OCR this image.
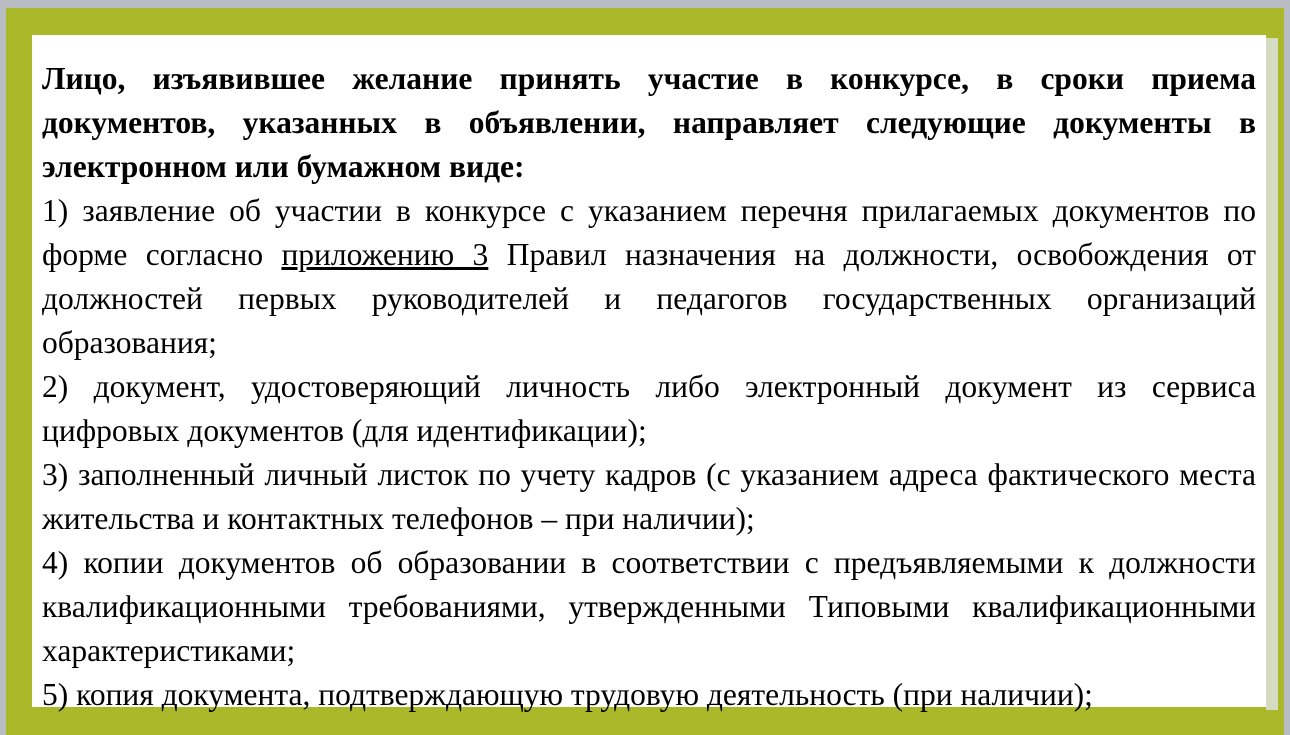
Лицо, изъявившее желание принять участие в конкурсе, в сроки приема документов, указанных в объявлении, направляет следующие документы в электронном или бумажном виде:

1) заявление об участии в конкурсе с указанием перечня прилагаемых документов по форме согласно приложению 3 Правил назначения на должности, освобождения от должностей первых руководителей и педагогов государственных организаций образования;

2) документ, удостоверяющий личность либо электронный документ из сервиса цифровых документов (для идентификации);

3) заполненный личный листок по учету кадров (с указанием адреса фактического места жительства и контактных телефонов – при наличии);

4) копии документов об образовании в соответствии с предъявляемыми к должности квалификационными требованиями, утвержденными Типовыми квалификационными характеристиками;

5) копия документа, подтверждающую трудовую деятельность (при наличии);
